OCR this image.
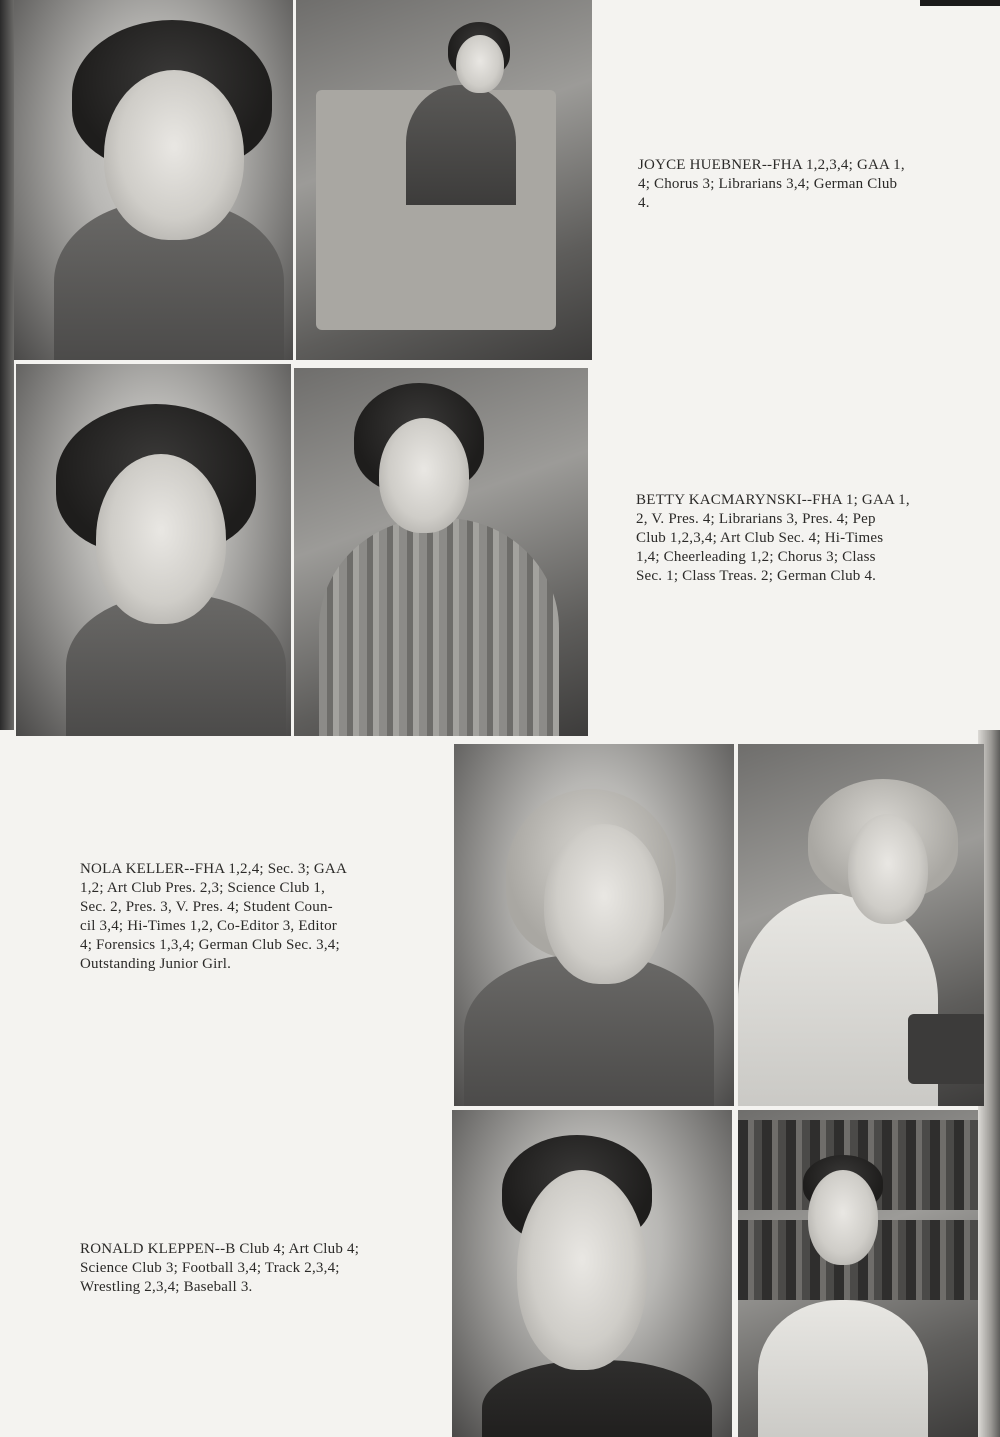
JOYCE HUEBNER--FHA 1,2,3,4; GAA 1,
4; Chorus 3; Librarians 3,4; German Club
4.
BETTY KACMARYNSKI--FHA 1; GAA 1,
2, V. Pres. 4; Librarians 3, Pres. 4; Pep
Club 1,2,3,4; Art Club Sec. 4; Hi-Times
1,4; Cheerleading 1,2; Chorus 3; Class
Sec. 1; Class Treas. 2; German Club 4.
NOLA KELLER--FHA 1,2,4; Sec. 3; GAA
1,2; Art Club Pres. 2,3; Science Club 1,
Sec. 2, Pres. 3, V. Pres. 4; Student Coun-
cil 3,4; Hi-Times 1,2, Co-Editor 3, Editor
4; Forensics 1,3,4; German Club Sec. 3,4;
Outstanding Junior Girl.
RONALD KLEPPEN--B Club 4; Art Club 4;
Science Club 3; Football 3,4; Track 2,3,4;
Wrestling 2,3,4; Baseball 3.
